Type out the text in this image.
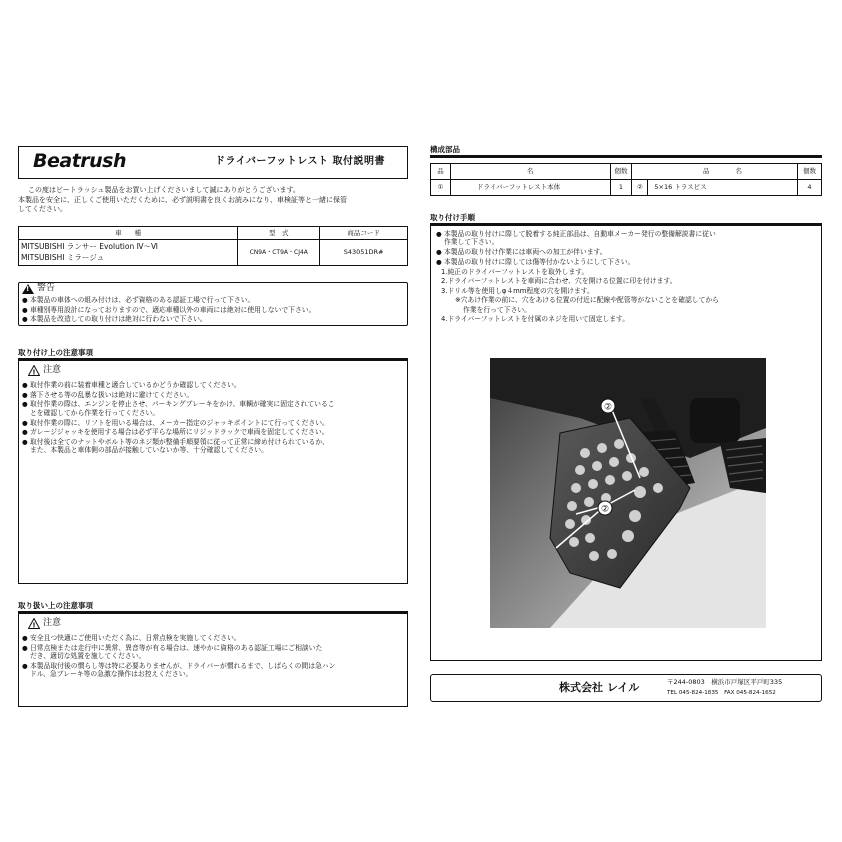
Beatrush	ドライバーフットレスト 取付説明書
この度はビートラッシュ製品をお買い上げくださいまして誠にありがとうございます。
本製品を安全に、正しくご使用いただくために、必ず説明書を良くお読みになり、車検証等と一緒に保管
してください。
車　　種	型　式	商品コード

MITSUBISHI ランサー Evolution Ⅳ～Ⅵ
MITSUBISHI ミラージュ	CN9A・CT9A・CJ4A	S43051DR#
!
警告
● 本製品の車体への組み付けは、必ず資格のある認証工場で行って下さい。
● 車種別専用設計になっておりますので、適応車種以外の車両には絶対に使用しないで下さい。
● 本製品を改造しての取り付けは絶対に行わないで下さい。
取り付け上の注意事項
! 注意
● 取付作業の前に装着車種と適合しているかどうか確認してください。
● 落下させる等の乱暴な扱いは絶対に避けてください。
● 取付作業の際は、エンジンを停止させ、パーキングブレーキをかけ、車輌が確実に固定されているこ
とを確認してから作業を行ってください。
● 取付作業の際に、リフトを用いる場合は、メーカー指定のジャッキポイントにて行ってください。
● ガレージジャッキを使用する場合は必ず平らな場所にリジッドラックで車両を固定してください。
● 取付後は全てのナットやボルト等のネジ類が整備手順要領に従って正常に締め付けられているか、
また、本製品と車体側の部品が接触していないか等、十分確認してください。
取り扱い上の注意事項
! 注意
● 安全且つ快適にご使用いただく為に、日常点検を実施してください。
● 日常点検または走行中に異常、異音等が有る場合は、速やかに資格のある認証工場にご相談いた
だき、適切な処置を施してください。
● 本製品取付後の慣らし等は特に必要ありませんが、ドライバーが慣れるまで、しばらくの間は急ハン
ドル、急ブレーキ等の急激な操作はお控えください。
構成部品
品	名	個数		品　　　　名	個数
①	ドライバーフットレスト本体	1	②	5×16 トラスビス	4
取り付け手順
● 本製品の取り付けに際して脱着する純正部品は、自動車メーカー発行の整備解説書に従い
作業して下さい。
● 本製品の取り付け作業には車両への加工が伴います。
● 本製品の取り付けに際しては傷等付かないようにして下さい。
1.純正のドライバーフットレストを取外します。
2.ドライバーフットレストを車両に合わせ、穴を開ける位置に印を付けます。
3.ドリル等を使用しφ４mm程度の穴を開けます。
※穴あけ作業の前に、穴をあける位置の付近に配線や配管等がないことを確認してから
作業を行って下さい。
4.ドライバーフットレストを付属のネジを用いて固定します。
②
②
株式会社 レイル	〒244-0803　横浜市戸塚区平戸町335
TEL 045-824-1835　FAX 045-824-1652
